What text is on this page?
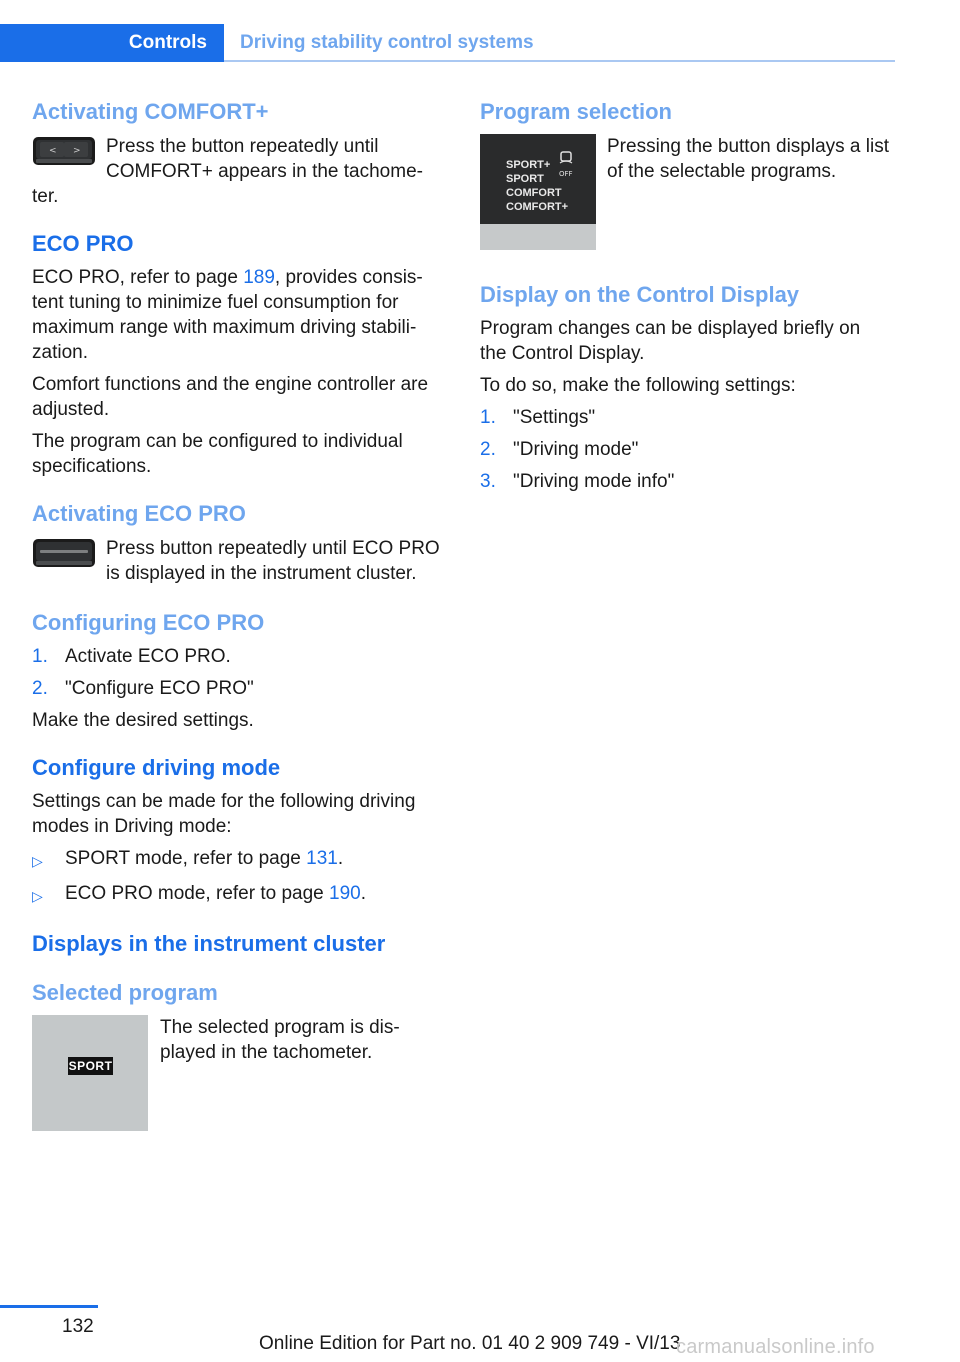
Controls	Driving stability control systems
Activating COMFORT+
< >	Press the button repeatedly until COMFORT+ appears in the tachometer.

ECO PRO

ECO PRO, refer to page 189, provides consistent tuning to minimize fuel consumption for maximum range with maximum driving stabilization.

Comfort functions and the engine controller are adjusted.

The program can be configured to individual specifications.

Activating ECO PRO

Press button repeatedly until ECO PRO is displayed in the instrument cluster.

Configuring ECO PRO
1. Activate ECO PRO.
2. "Configure ECO PRO"

Make the desired settings.

Configure driving mode

Settings can be made for the following driving modes in Driving mode:

▷	SPORT mode, refer to page 131.
▷	ECO PRO mode, refer to page 190.
Displays in the instrument cluster
Selected program
SPORT

The selected program is displayed in the tachometer.

Program selection
SPORT+
SPORT
COMFORT
COMFORT+
OFF

Pressing the button displays a list of the selectable programs.

Display on the Control Display

Program changes can be displayed briefly on the Control Display.

To do so, make the following settings:

1. "Settings"
2. "Driving mode"
3. "Driving mode info"
132
Online Edition for Part no. 01 40 2 909 749 - VI/13
carmanualsonline.info
